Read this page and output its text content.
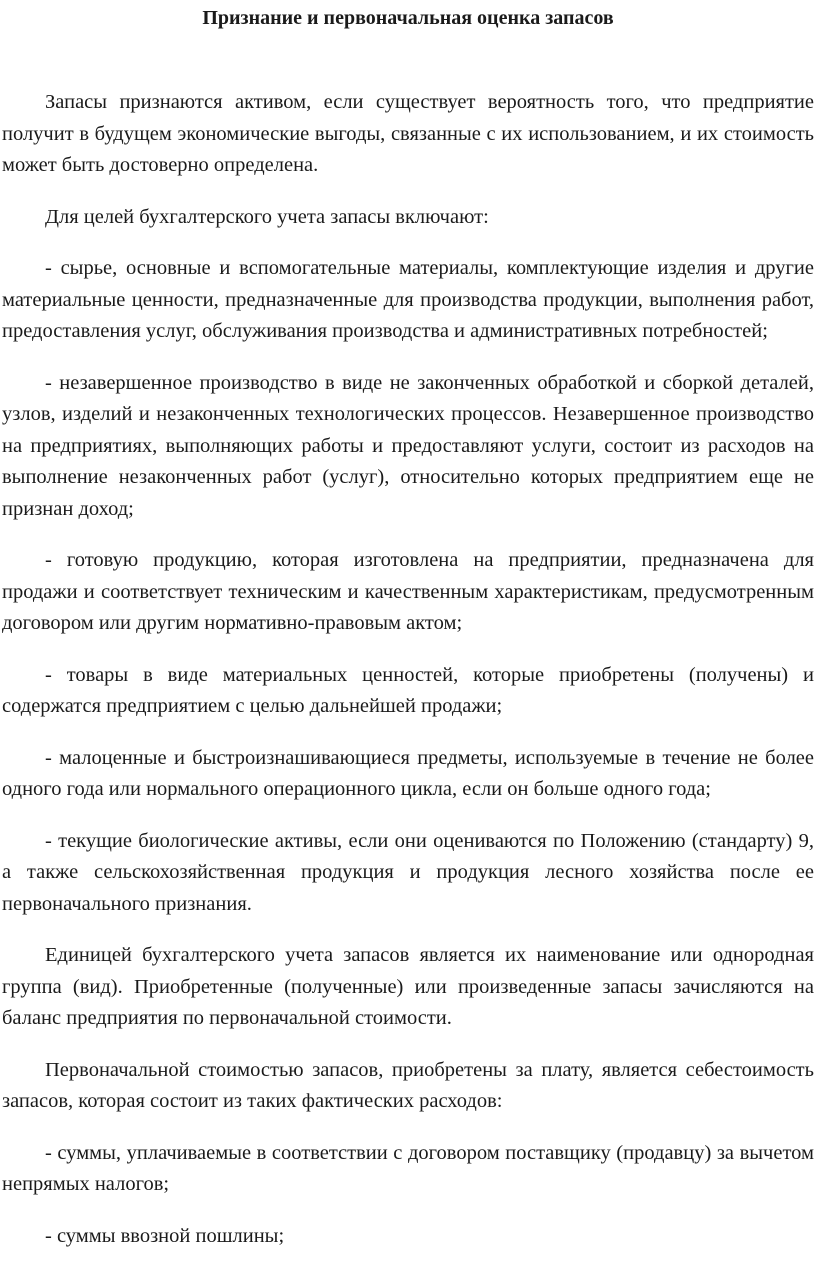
Признание и первоначальная оценка запасов

Запасы признаются активом, если существует вероятность того, что предприятие получит в будущем экономические выгоды, связанные с их использованием, и их стоимость может быть достоверно определена.

Для целей бухгалтерского учета запасы включают:

- сырье, основные и вспомогательные материалы, комплектующие изделия и другие материальные ценности, предназначенные для производства продукции, выполнения работ, предоставления услуг, обслуживания производства и административных потребностей;

- незавершенное производство в виде не законченных обработкой и сборкой деталей, узлов, изделий и незаконченных технологических процессов. Незавершенное производство на предприятиях, выполняющих работы и предоставляют услуги, состоит из расходов на выполнение незаконченных работ (услуг), относительно которых предприятием еще не признан доход;

- готовую продукцию, которая изготовлена на предприятии, предназначена для продажи и соответствует техническим и качественным характеристикам, предусмотренным договором или другим нормативно-правовым актом;

- товары в виде материальных ценностей, которые приобретены (получены) и содержатся предприятием с целью дальнейшей продажи;

- малоценные и быстроизнашивающиеся предметы, используемые в течение не более одного года или нормального операционного цикла, если он больше одного года;

- текущие биологические активы, если они оцениваются по Положению (стандарту) 9, а также сельскохозяйственная продукция и продукция лесного хозяйства после ее первоначального признания.

Единицей бухгалтерского учета запасов является их наименование или однородная группа (вид). Приобретенные (полученные) или произведенные запасы зачисляются на баланс предприятия по первоначальной стоимости.

Первоначальной стоимостью запасов, приобретены за плату, является себестоимость запасов, которая состоит из таких фактических расходов:

- суммы, уплачиваемые в соответствии с договором поставщику (продавцу) за вычетом непрямых налогов;

- суммы ввозной пошлины;
